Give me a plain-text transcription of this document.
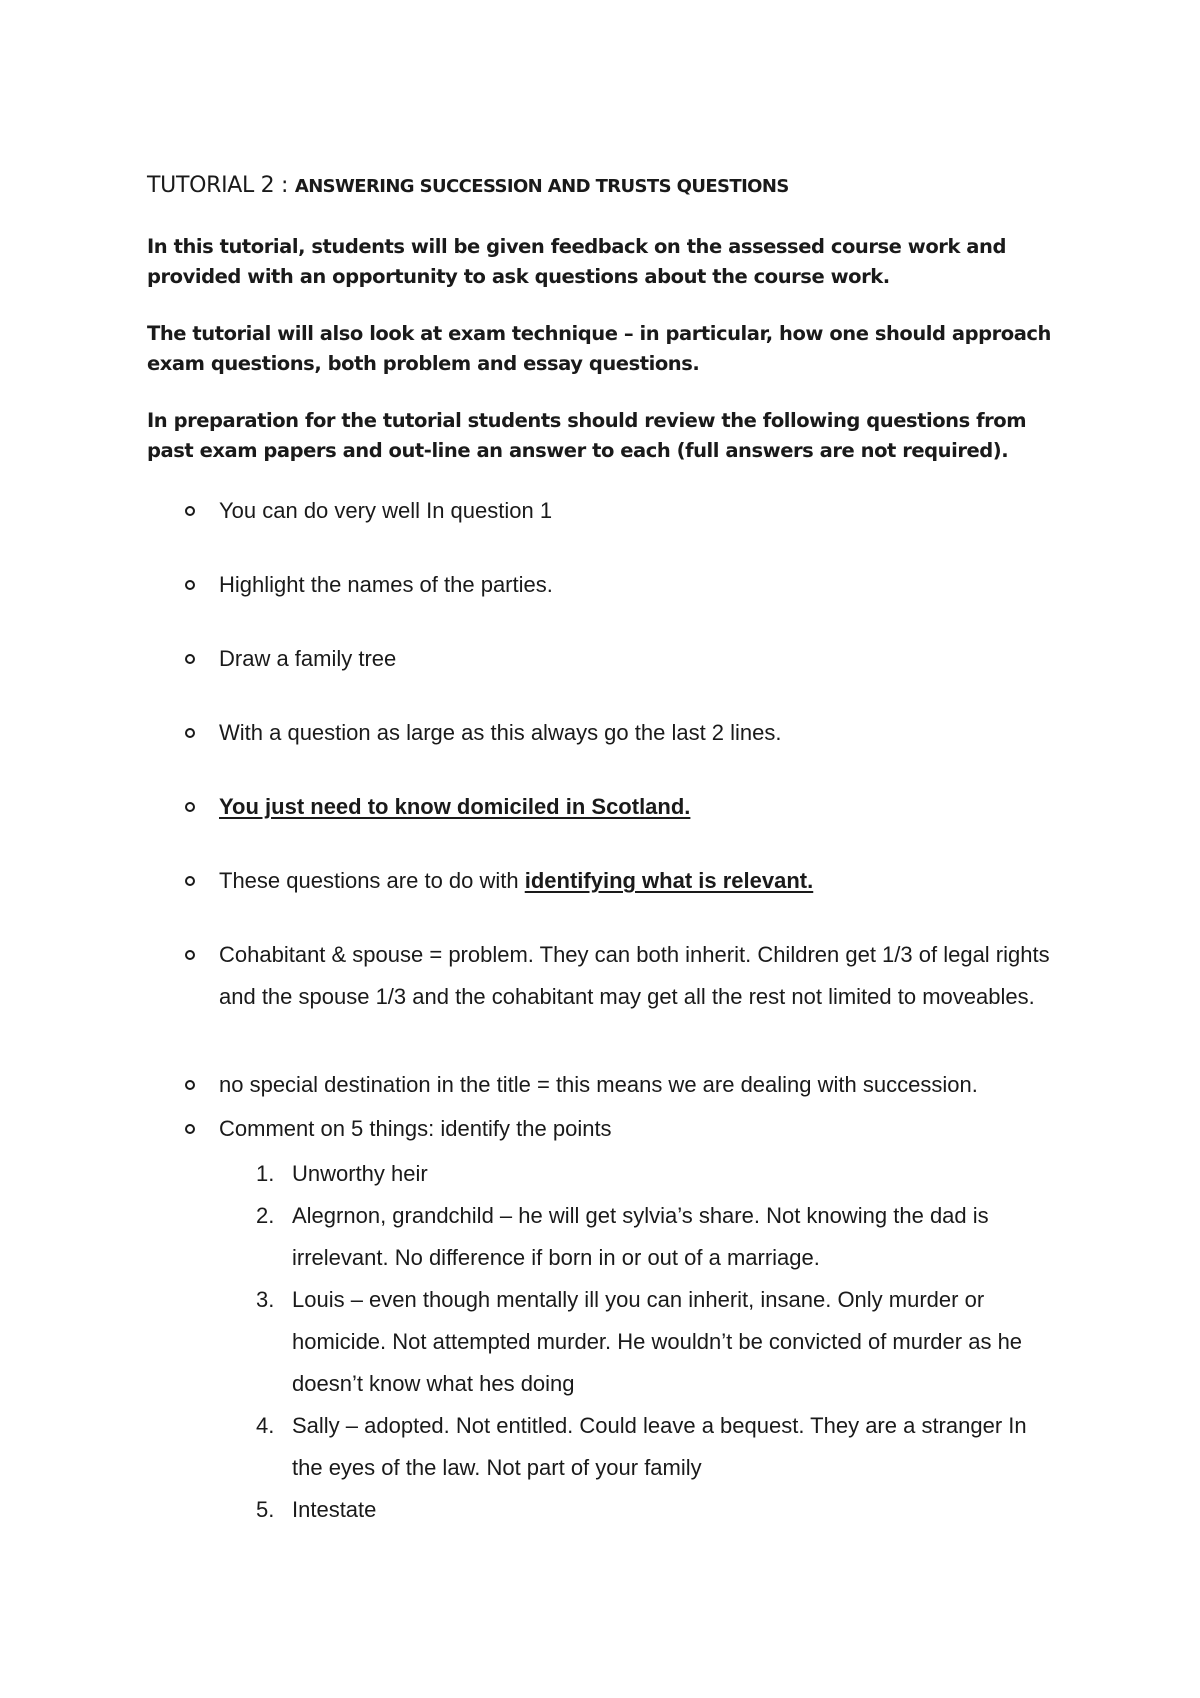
TUTORIAL 2 : ANSWERING SUCCESSION AND TRUSTS QUESTIONS
In this tutorial, students will be given feedback on the assessed course work and provided with an opportunity to ask questions about the course work.
The tutorial will also look at exam technique – in particular, how one should approach exam questions, both problem and essay questions.
In preparation for the tutorial students should review the following questions from past exam papers and out-line an answer to each (full answers are not required).
You can do very well In question 1
Highlight the names of the parties.
Draw a family tree
With a question as large as this always go the last 2 lines.
You just need to know domiciled in Scotland.
These questions are to do with identifying what is relevant.
Cohabitant & spouse = problem. They can both inherit. Children get 1/3 of legal rights and the spouse 1/3 and the cohabitant may get all the rest not limited to moveables.
no special destination in the title = this means we are dealing with succession.
Comment on 5 things: identify the points
1. Unworthy heir
2. Alegrnon, grandchild – he will get sylvia’s share. Not knowing the dad is irrelevant. No difference if born in or out of a marriage.
3. Louis – even though mentally ill you can inherit, insane. Only murder or homicide. Not attempted murder. He wouldn’t be convicted of murder as he doesn’t know what hes doing
4. Sally – adopted. Not entitled. Could leave a bequest. They are a stranger In the eyes of the law. Not part of your family
5. Intestate
